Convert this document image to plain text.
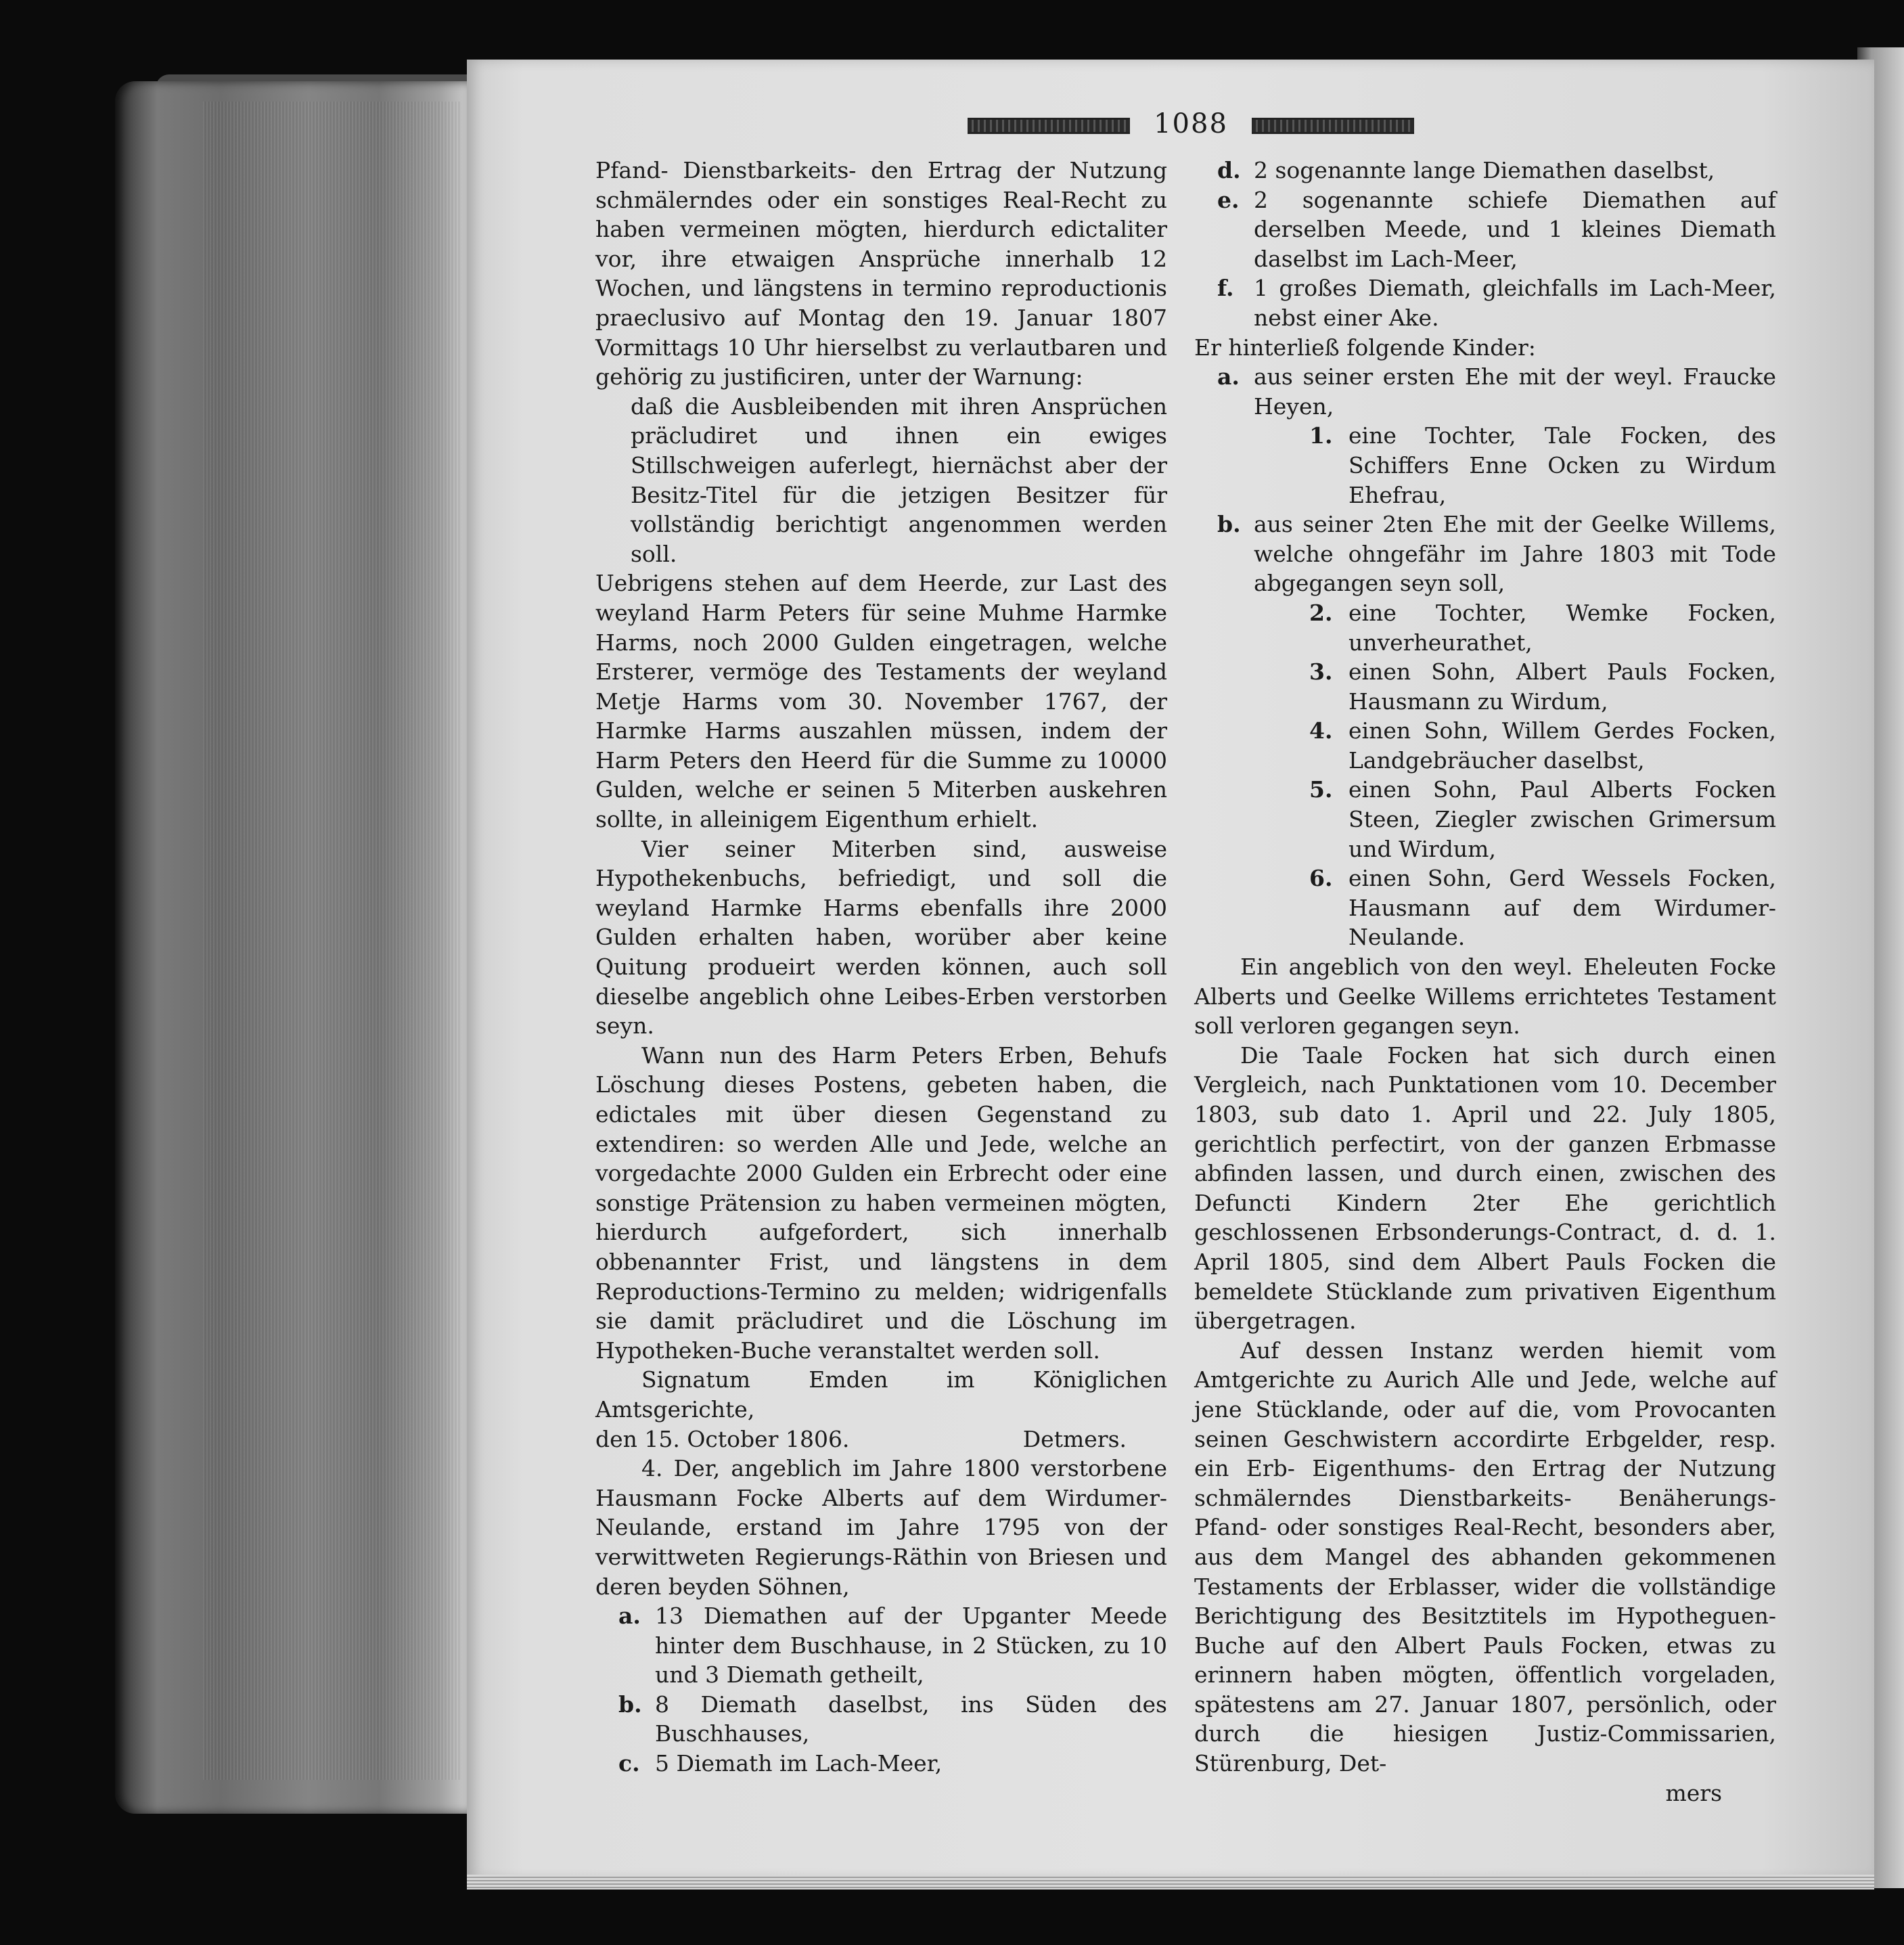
1088

Pfand- Dienstbarkeits- den Ertrag der Nutzung schmälerndes oder ein sonstiges Real-Recht zu haben vermeinen mögten, hierdurch edictaliter vor, ihre etwaigen Ansprüche innerhalb 12 Wochen, und längstens in termino reproductionis praeclusivo auf Montag den 19. Januar 1807 Vormittags 10 Uhr hierselbst zu verlautbaren und gehörig zu justificiren, unter der Warnung:

daß die Ausbleibenden mit ihren Ansprüchen präcludiret und ihnen ein ewiges Stillschweigen auferlegt, hiernächst aber der Besitz-Titel für die jetzigen Besitzer für vollständig berichtigt angenommen werden soll.

Uebrigens stehen auf dem Heerde, zur Last des weyland Harm Peters für seine Muhme Harmke Harms, noch 2000 Gulden eingetragen, welche Ersterer, vermöge des Testaments der weyland Metje Harms vom 30. November 1767, der Harmke Harms auszahlen müssen, indem der Harm Peters den Heerd für die Summe zu 10000 Gulden, welche er seinen 5 Miterben auskehren sollte, in alleinigem Eigenthum erhielt.

Vier seiner Miterben sind, ausweise Hypothekenbuchs, befriedigt, und soll die weyland Harmke Harms ebenfalls ihre 2000 Gulden erhalten haben, worüber aber keine Quitung produeirt werden können, auch soll dieselbe angeblich ohne Leibes-Erben verstorben seyn.

Wann nun des Harm Peters Erben, Behufs Löschung dieses Postens, gebeten haben, die edictales mit über diesen Gegenstand zu extendiren: so werden Alle und Jede, welche an vorgedachte 2000 Gulden ein Erbrecht oder eine sonstige Prätension zu haben vermeinen mögten, hierdurch aufgefordert, sich innerhalb obbenannter Frist, und längstens in dem Reproductions-Termino zu melden; widrigenfalls sie damit präcludiret und die Löschung im Hypotheken-Buche veranstaltet werden soll.

Signatum Emden im Königlichen Amtsgerichte,

den 15. October 1806.	Detmers.

4. Der, angeblich im Jahre 1800 verstorbene Hausmann Focke Alberts auf dem Wirdumer-Neulande, erstand im Jahre 1795 von der verwittweten Regierungs-Räthin von Briesen und deren beyden Söhnen,

a. 13 Diemathen auf der Upganter Meede hinter dem Buschhause, in 2 Stücken, zu 10 und 3 Diemath getheilt,
b. 8 Diemath daselbst, ins Süden des Buschhauses,
c. 5 Diemath im Lach-Meer,
d. 2 sogenannte lange Diemathen daselbst,
e. 2 sogenannte schiefe Diemathen auf derselben Meede, und 1 kleines Diemath daselbst im Lach-Meer,
f. 1 großes Diemath, gleichfalls im Lach-Meer, nebst einer Ake.

Er hinterließ folgende Kinder:

a. aus seiner ersten Ehe mit der weyl. Fraucke Heyen,
1. eine Tochter, Tale Focken, des Schiffers Enne Ocken zu Wirdum Ehefrau,
b. aus seiner 2ten Ehe mit der Geelke Willems, welche ohngefähr im Jahre 1803 mit Tode abgegangen seyn soll,
2. eine Tochter, Wemke Focken, unverheurathet,
3. einen Sohn, Albert Pauls Focken, Hausmann zu Wirdum,
4. einen Sohn, Willem Gerdes Focken, Landgebräucher daselbst,
5. einen Sohn, Paul Alberts Focken Steen, Ziegler zwischen Grimersum und Wirdum,
6. einen Sohn, Gerd Wessels Focken, Hausmann auf dem Wirdumer-Neulande.

Ein angeblich von den weyl. Eheleuten Focke Alberts und Geelke Willems errichtetes Testament soll verloren gegangen seyn.

Die Taale Focken hat sich durch einen Vergleich, nach Punktationen vom 10. December 1803, sub dato 1. April und 22. July 1805, gerichtlich perfectirt, von der ganzen Erbmasse abfinden lassen, und durch einen, zwischen des Defuncti Kindern 2ter Ehe gerichtlich geschlossenen Erbsonderungs-Contract, d. d. 1. April 1805, sind dem Albert Pauls Focken die bemeldete Stücklande zum privativen Eigenthum übergetragen.

Auf dessen Instanz werden hiemit vom Amtgerichte zu Aurich Alle und Jede, welche auf jene Stücklande, oder auf die, vom Provocanten seinen Geschwistern accordirte Erbgelder, resp. ein Erb- Eigenthums- den Ertrag der Nutzung schmälerndes Dienstbarkeits- Benäherungs- Pfand- oder sonstiges Real-Recht, besonders aber, aus dem Mangel des abhanden gekommenen Testaments der Erblasser, wider die vollständige Berichtigung des Besitztitels im Hypotheguen-Buche auf den Albert Pauls Focken, etwas zu erinnern haben mögten, öffentlich vorgeladen, spätestens am 27. Januar 1807, persönlich, oder durch die hiesigen Justiz-Commissarien, Stürenburg, Det-

mers
